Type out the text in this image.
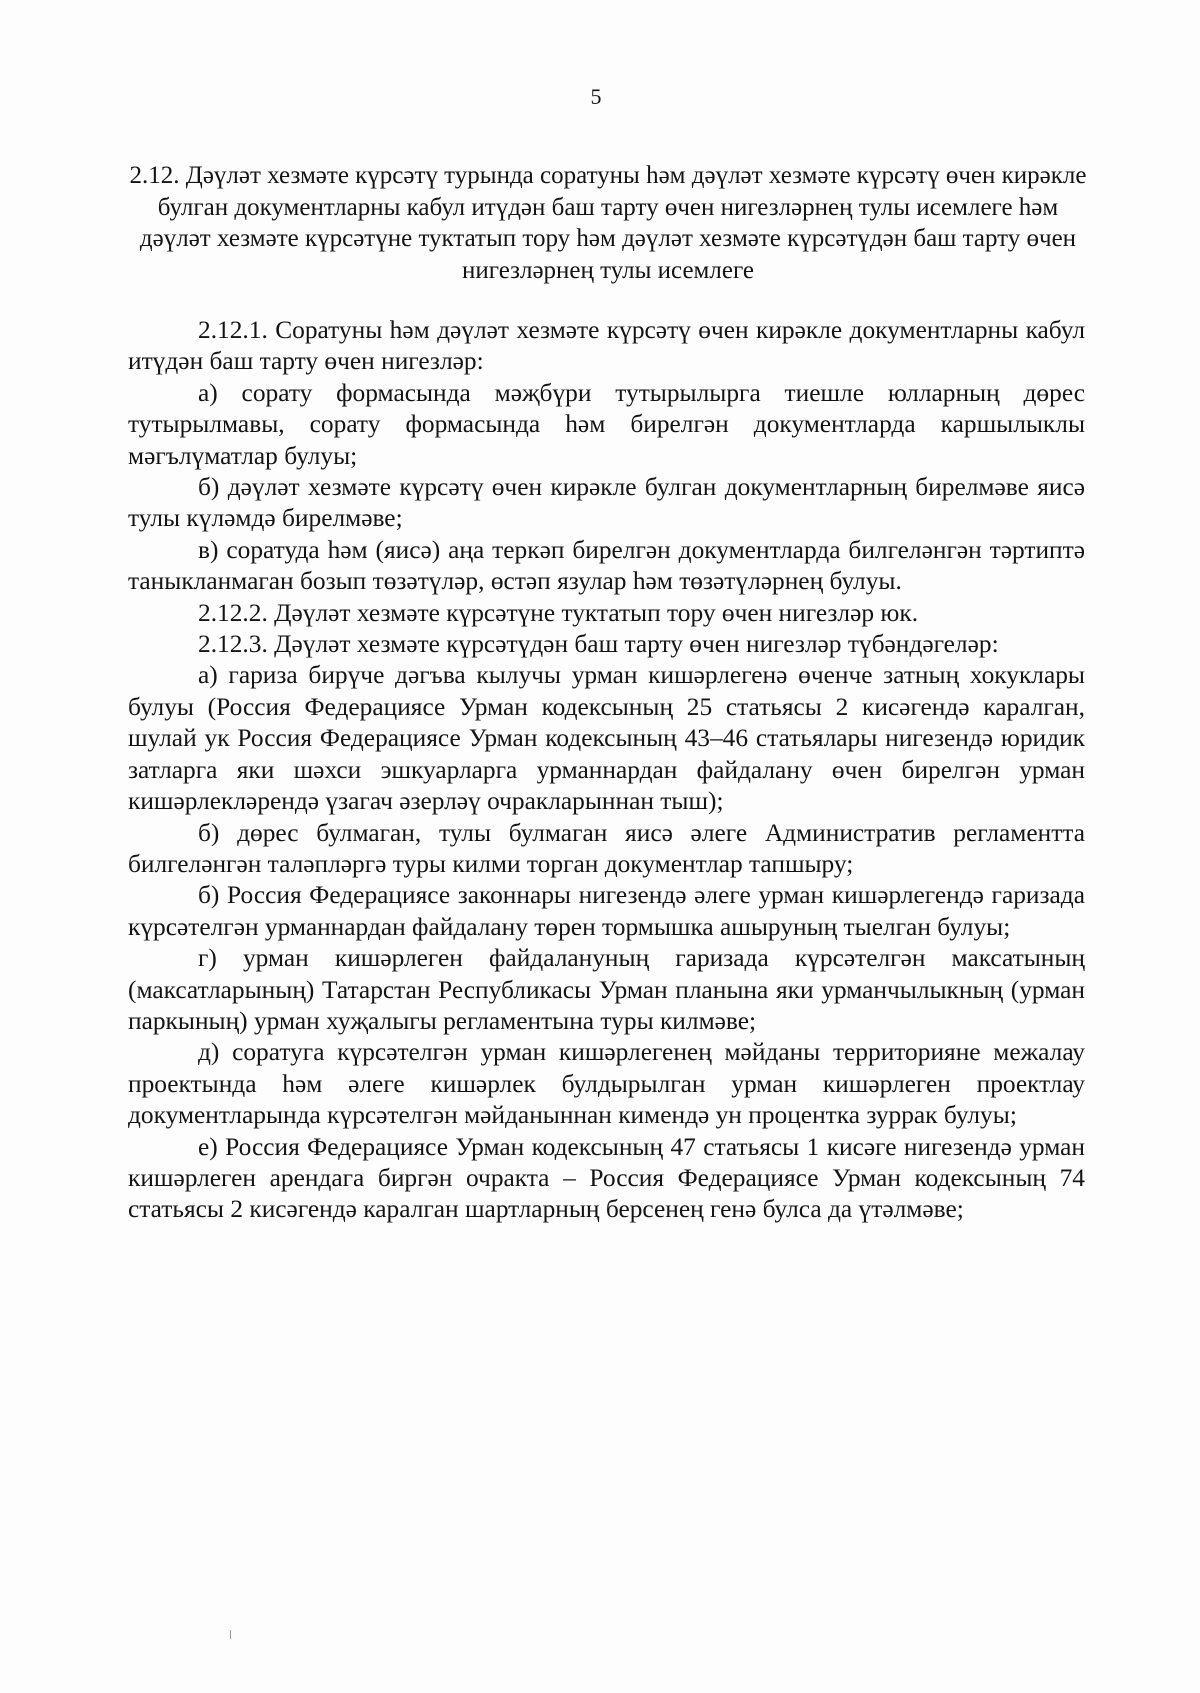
5
2.12. Дәүләт хезмәте күрсәтү турында соратуны һәм дәүләт хезмәте күрсәтү өчен кирәкле булган документларны кабул итүдән баш тарту өчен нигезләрнең тулы исемлеге һәм дәүләт хезмәте күрсәтүне туктатып тору һәм дәүләт хезмәте күрсәтүдән баш тарту өчен нигезләрнең тулы исемлеге

2.12.1. Соратуны һәм дәүләт хезмәте күрсәтү өчен кирәкле документларны кабул итүдән баш тарту өчен нигезләр:

а) сорату формасында мәҗбүри тутырылырга тиешле юлларның дөрес тутырылмавы, сорату формасында һәм бирелгән документларда каршылыклы мәгълүматлар булуы;

б) дәүләт хезмәте күрсәтү өчен кирәкле булган документларның бирелмәве яисә тулы күләмдә бирелмәве;

в) соратуда һәм (яисә) аңа теркәп бирелгән документларда билгеләнгән тәртиптә таныкланмаган бозып төзәтүләр, өстәп язулар һәм төзәтүләрнең булуы.

2.12.2. Дәүләт хезмәте күрсәтүне туктатып тору өчен нигезләр юк.

2.12.3. Дәүләт хезмәте күрсәтүдән баш тарту өчен нигезләр түбәндәгеләр:

а) гариза бирүче дәгъва кылучы урман кишәрлегенә өченче затның хокуклары булуы (Россия Федерациясе Урман кодексының 25 статьясы 2 кисәгендә каралган, шулай ук Россия Федерациясе Урман кодексының 43–46 статьялары нигезендә юридик затларга яки шәхси эшкуарларга урманнардан файдалану өчен бирелгән урман кишәрлекләрендә үзагач әзерләү очракларыннан тыш);

б) дөрес булмаган, тулы булмаган яисә әлеге Административ регламентта билгеләнгән таләпләргә туры килми торган документлар тапшыру;

б) Россия Федерациясе законнары нигезендә әлеге урман кишәрлегендә гаризада күрсәтелгән урманнардан файдалану төрен тормышка ашыруның тыелган булуы;

г) урман кишәрлеген файдалануның гаризада күрсәтелгән максатының (максатларының) Татарстан Республикасы Урман планына яки урманчылыкның (урман паркының) урман хуҗалыгы регламентына туры килмәве;

д) соратуга күрсәтелгән урман кишәрлегенең мәйданы территорияне межалау проектында һәм әлеге кишәрлек булдырылган урман кишәрлеген проектлау документларында күрсәтелгән мәйданыннан кимендә ун процентка зуррак булуы;

е) Россия Федерациясе Урман кодексының 47 статьясы 1 кисәге нигезендә урман кишәрлеген арендага биргән очракта – Россия Федерациясе Урман кодексының 74 статьясы 2 кисәгендә каралган шартларның берсенең генә булса да үтәлмәве;
